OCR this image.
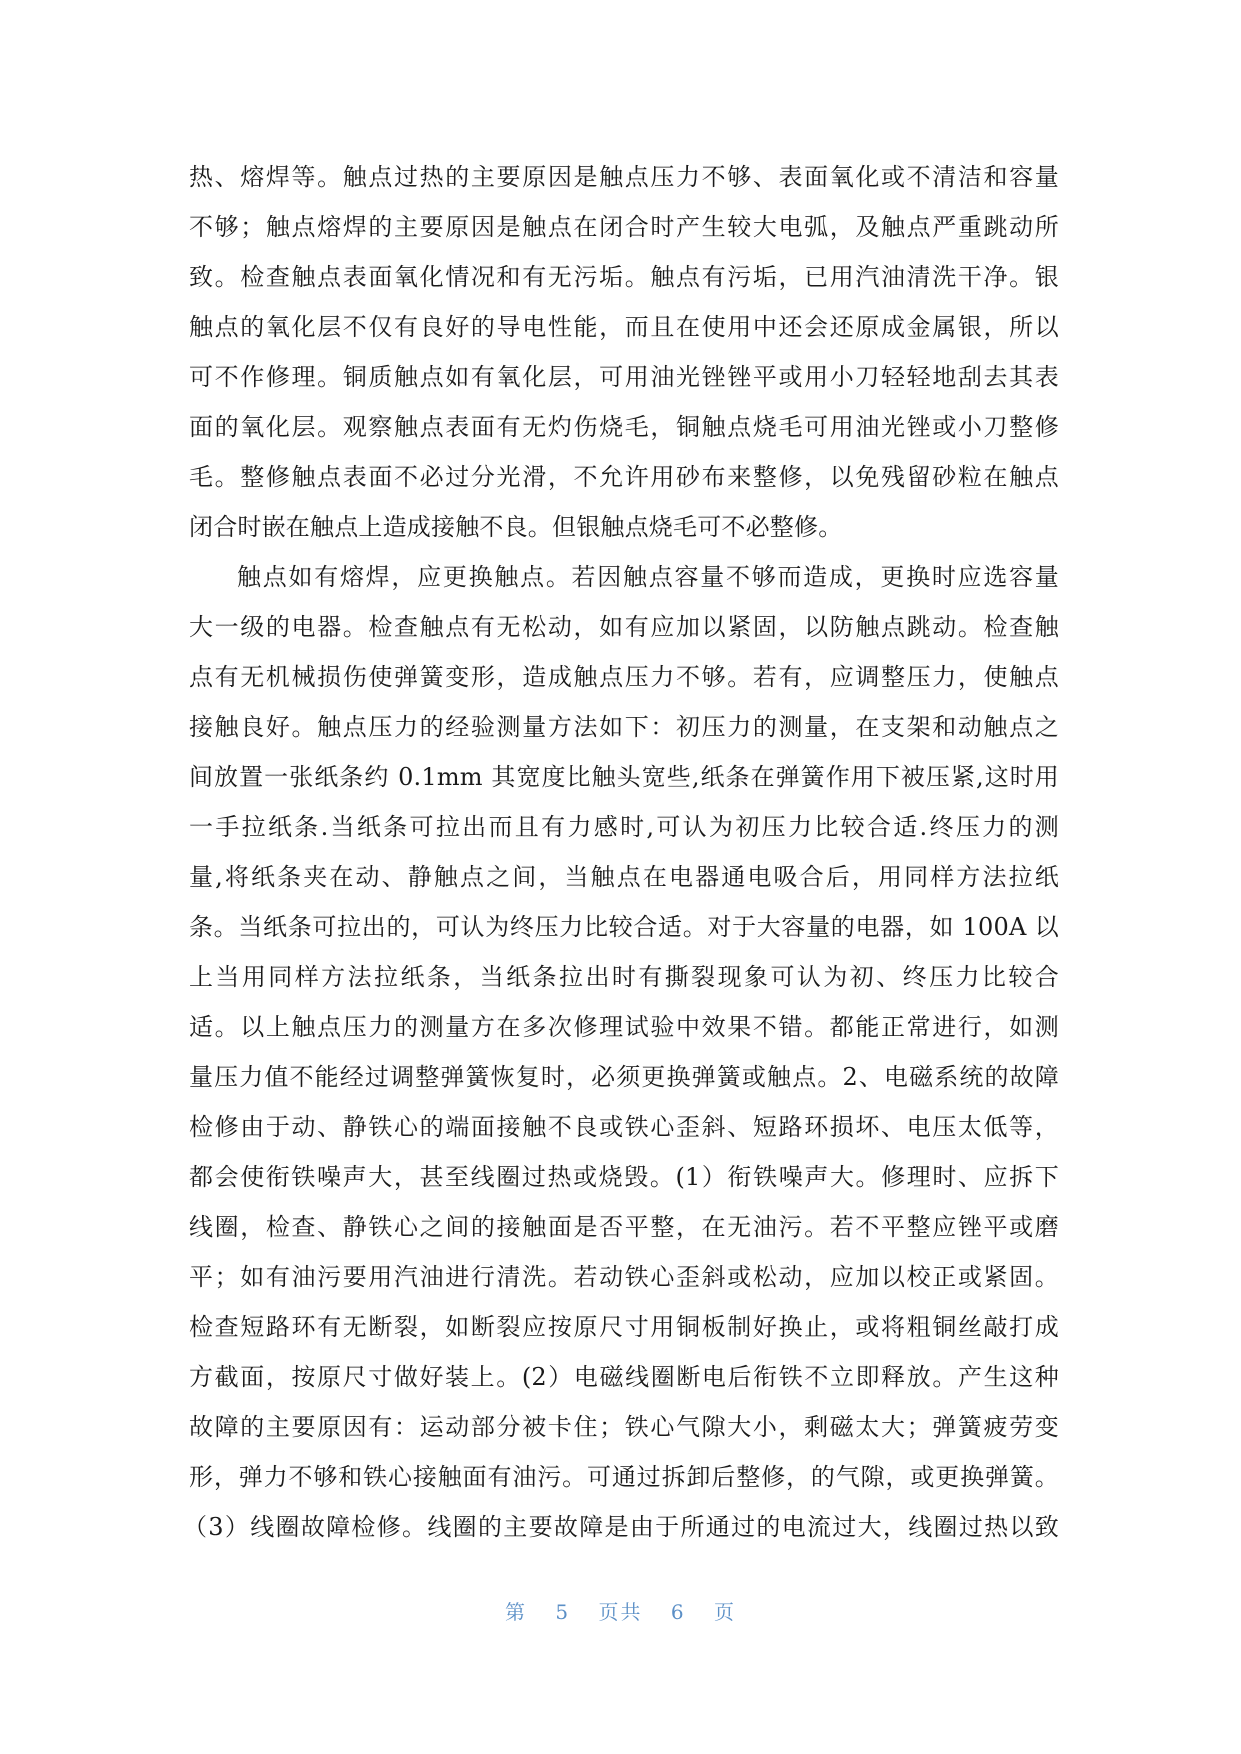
热、熔焊等。触点过热的主要原因是触点压力不够、表面氧化或不清洁和容量
不够；触点熔焊的主要原因是触点在闭合时产生较大电弧，及触点严重跳动所
致。检查触点表面氧化情况和有无污垢。触点有污垢，已用汽油清洗干净。银
触点的氧化层不仅有良好的导电性能，而且在使用中还会还原成金属银，所以
可不作修理。铜质触点如有氧化层，可用油光锉锉平或用小刀轻轻地刮去其表
面的氧化层。观察触点表面有无灼伤烧毛，铜触点烧毛可用油光锉或小刀整修
毛。整修触点表面不必过分光滑，不允许用砂布来整修，以免残留砂粒在触点
闭合时嵌在触点上造成接触不良。但银触点烧毛可不必整修。
触点如有熔焊，应更换触点。若因触点容量不够而造成，更换时应选容量
大一级的电器。检查触点有无松动，如有应加以紧固，以防触点跳动。检查触
点有无机械损伤使弹簧变形，造成触点压力不够。若有，应调整压力，使触点
接触良好。触点压力的经验测量方法如下：初压力的测量，在支架和动触点之
间放置一张纸条约 0.1mm 其宽度比触头宽些,纸条在弹簧作用下被压紧,这时用
一手拉纸条.当纸条可拉出而且有力感时,可认为初压力比较合适.终压力的测
量,将纸条夹在动、静触点之间，当触点在电器通电吸合后，用同样方法拉纸
条。当纸条可拉出的，可认为终压力比较合适。对于大容量的电器，如 100A 以
上当用同样方法拉纸条，当纸条拉出时有撕裂现象可认为初、终压力比较合
适。以上触点压力的测量方在多次修理试验中效果不错。都能正常进行，如测
量压力值不能经过调整弹簧恢复时，必须更换弹簧或触点。2、电磁系统的故障
检修由于动、静铁心的端面接触不良或铁心歪斜、短路环损坏、电压太低等，
都会使衔铁噪声大，甚至线圈过热或烧毁。(1）衔铁噪声大。修理时、应拆下
线圈，检查、静铁心之间的接触面是否平整，在无油污。若不平整应锉平或磨
平；如有油污要用汽油进行清洗。若动铁心歪斜或松动，应加以校正或紧固。
检查短路环有无断裂，如断裂应按原尺寸用铜板制好换止，或将粗铜丝敲打成
方截面，按原尺寸做好装上。(2）电磁线圈断电后衔铁不立即释放。产生这种
故障的主要原因有：运动部分被卡住；铁心气隙大小，剩磁太大；弹簧疲劳变
形，弹力不够和铁心接触面有油污。可通过拆卸后整修，的气隙，或更换弹簧。
（3）线圈故障检修。线圈的主要故障是由于所通过的电流过大，线圈过热以致
第 5 页共 6 页
